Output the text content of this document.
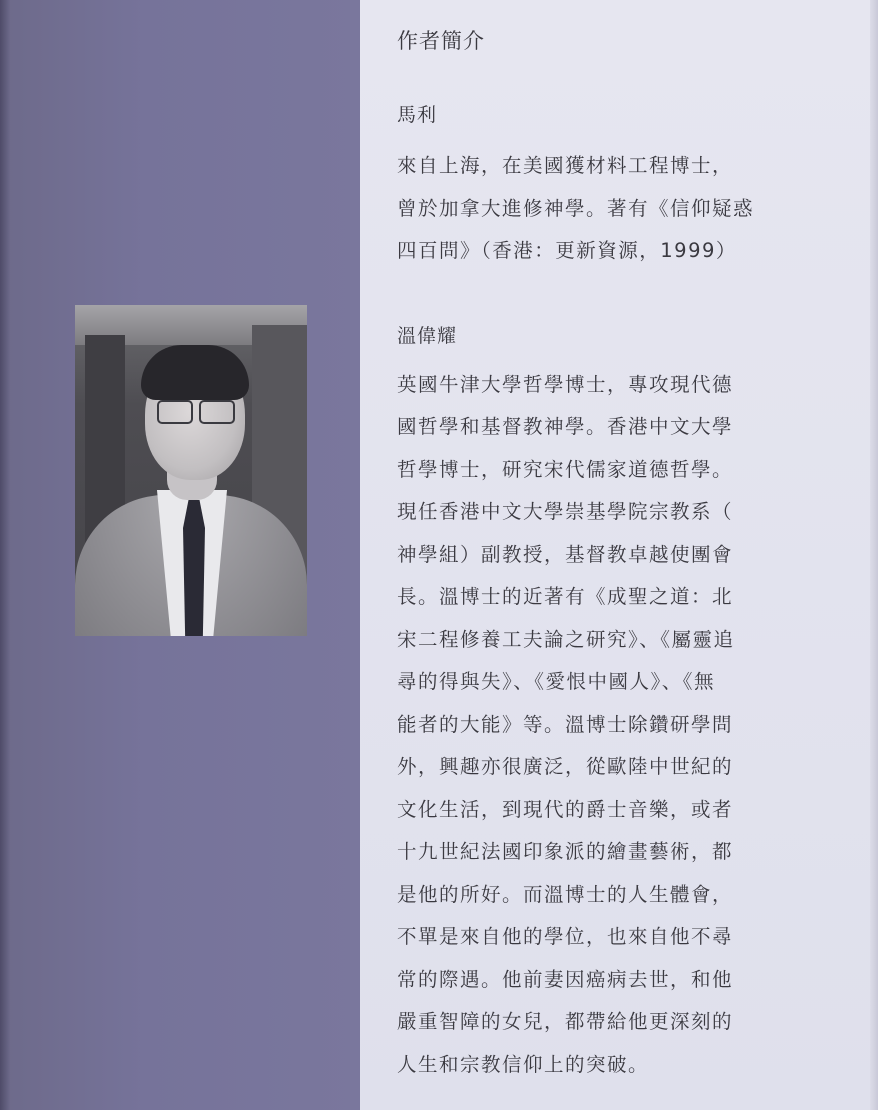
作者簡介
馬利

來自上海，在美國獲材料工程博士，
曾於加拿大進修神學。著有《信仰疑惑
四百問》（香港：更新資源，1999）

溫偉耀

英國牛津大學哲學博士，專攻現代德
國哲學和基督教神學。香港中文大學
哲學博士，研究宋代儒家道德哲學。
現任香港中文大學崇基學院宗教系（
神學組）副教授，基督教卓越使團會
長。溫博士的近著有《成聖之道：北
宋二程修養工夫論之研究》、《屬靈追
尋的得與失》、《愛恨中國人》、《無
能者的大能》等。溫博士除鑽研學問
外，興趣亦很廣泛，從歐陸中世紀的
文化生活，到現代的爵士音樂，或者
十九世紀法國印象派的繪畫藝術，都
是他的所好。而溫博士的人生體會，
不單是來自他的學位，也來自他不尋
常的際遇。他前妻因癌病去世，和他
嚴重智障的女兒，都帶給他更深刻的
人生和宗教信仰上的突破。
